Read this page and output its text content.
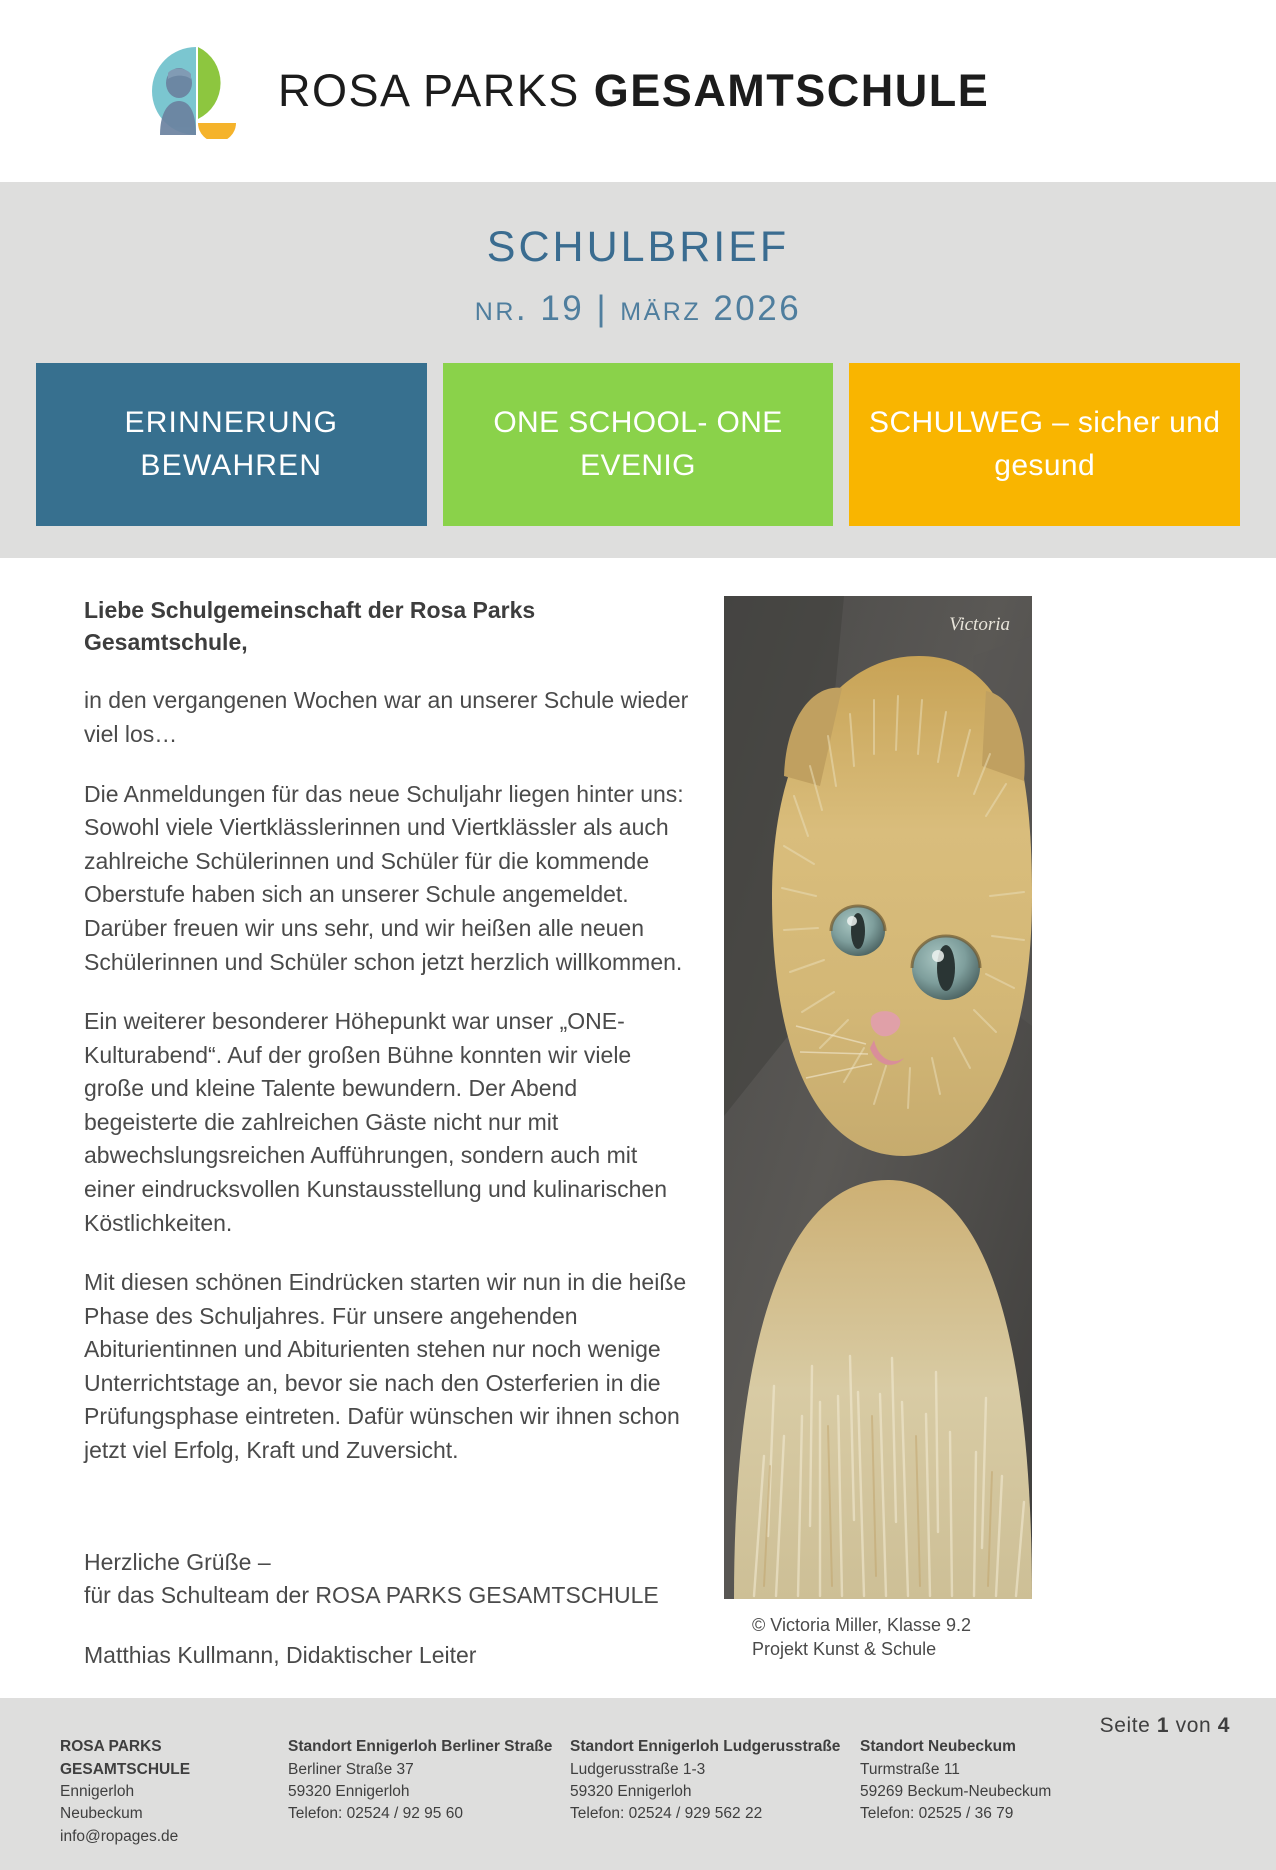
ROSA PARKS GESAMTSCHULE
schulbrief
nr. 19 | märz 2026
ERINNERUNG BEWAHREN
ONE SCHOOL- ONE EVENIG
SCHULWEG – sicher und gesund

Liebe Schulgemeinschaft der Rosa Parks Gesamtschule,

in den vergangenen Wochen war an unserer Schule wieder viel los…

Die Anmeldungen für das neue Schuljahr liegen hinter uns: Sowohl viele Viertklässlerinnen und Viertklässler als auch zahlreiche Schülerinnen und Schüler für die kommende Oberstufe haben sich an unserer Schule angemeldet. Darüber freuen wir uns sehr, und wir heißen alle neuen Schülerinnen und Schüler schon jetzt herzlich willkommen.

Ein weiterer besonderer Höhepunkt war unser „ONE-Kulturabend“. Auf der großen Bühne konnten wir viele große und kleine Talente bewundern. Der Abend begeisterte die zahlreichen Gäste nicht nur mit abwechslungsreichen Aufführungen, sondern auch mit einer eindrucksvollen Kunstausstellung und kulinarischen Köstlichkeiten.

Mit diesen schönen Eindrücken starten wir nun in die heiße Phase des Schuljahres. Für unsere angehenden Abiturientinnen und Abiturienten stehen nur noch wenige Unterrichtstage an, bevor sie nach den Osterferien in die Prüfungsphase eintreten. Dafür wünschen wir ihnen schon jetzt viel Erfolg, Kraft und Zuversicht.

Herzliche Grüße –
für das Schulteam der ROSA PARKS GESAMTSCHULE

Matthias Kullmann, Didaktischer Leiter

Victoria
© Victoria Miller, Klasse 9.2
Projekt Kunst & Schule
Seite 1 von 4
ROSA PARKS
GESAMTSCHULE
Ennigerloh
Neubeckum
info@ropages.de
Standort Ennigerloh Berliner Straße
Berliner Straße 37
59320 Ennigerloh
Telefon: 02524 / 92 95 60
Standort Ennigerloh Ludgerusstraße
Ludgerusstraße 1-3
59320 Ennigerloh
Telefon: 02524 / 929 562 22
Standort Neubeckum
Turmstraße 11
59269 Beckum-Neubeckum
Telefon: 02525 / 36 79
